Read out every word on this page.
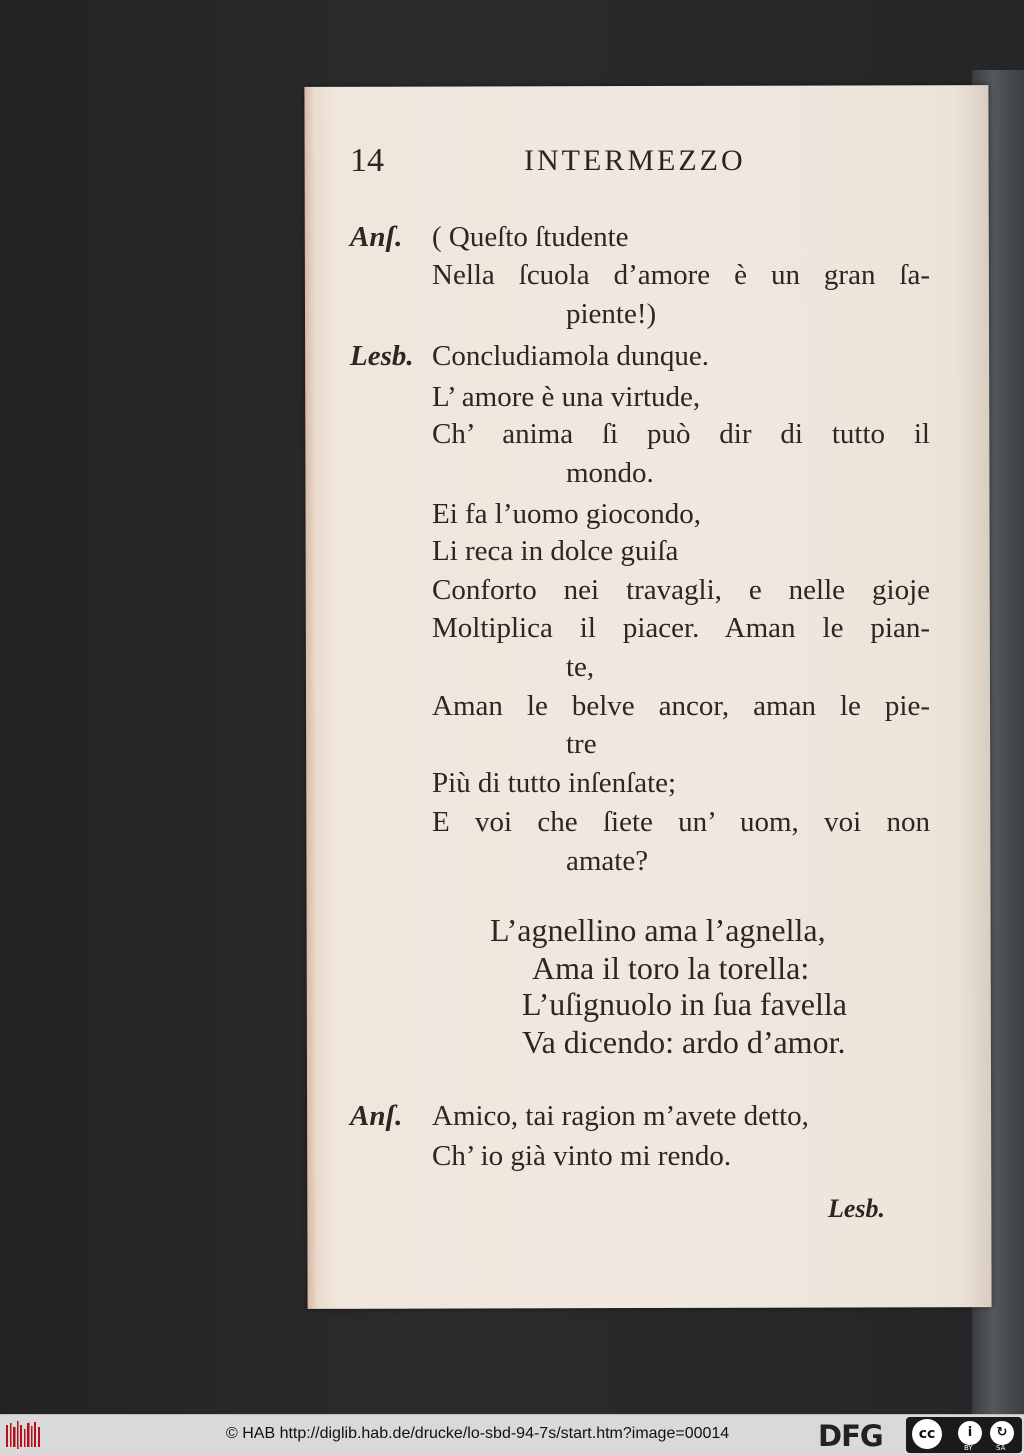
14	INTERMEZZO
Anſ. ( Queſto ſtudente
Nella ſcuola d’amore è un gran ſa-
piente!)
Lesb. Concludiamola dunque.
L’ amore è una virtude,
Ch’ anima ſi può dir di tutto il
mondo.
Ei fa l’uomo giocondo,
Li reca in dolce guiſa
Conforto nei travagli, e nelle gioje
Moltiplica il piacer. Aman le pian-
te,
Aman le belve ancor, aman le pie-
tre
Più di tutto inſenſate;
E voi che ſiete un’ uom, voi non
amate?
L’agnellino ama l’agnella,
Ama il toro la torella:
L’uſignuolo in ſua favella
Va dicendo: ardo d’amor.
Anſ. Amico, tai ragion m’avete detto,
Ch’ io già vinto mi rendo.
Lesb.
© HAB http://diglib.hab.de/drucke/lo-sbd-94-7s/start.htm?image=00014	DFG	cc	i	↻
BY	SA
